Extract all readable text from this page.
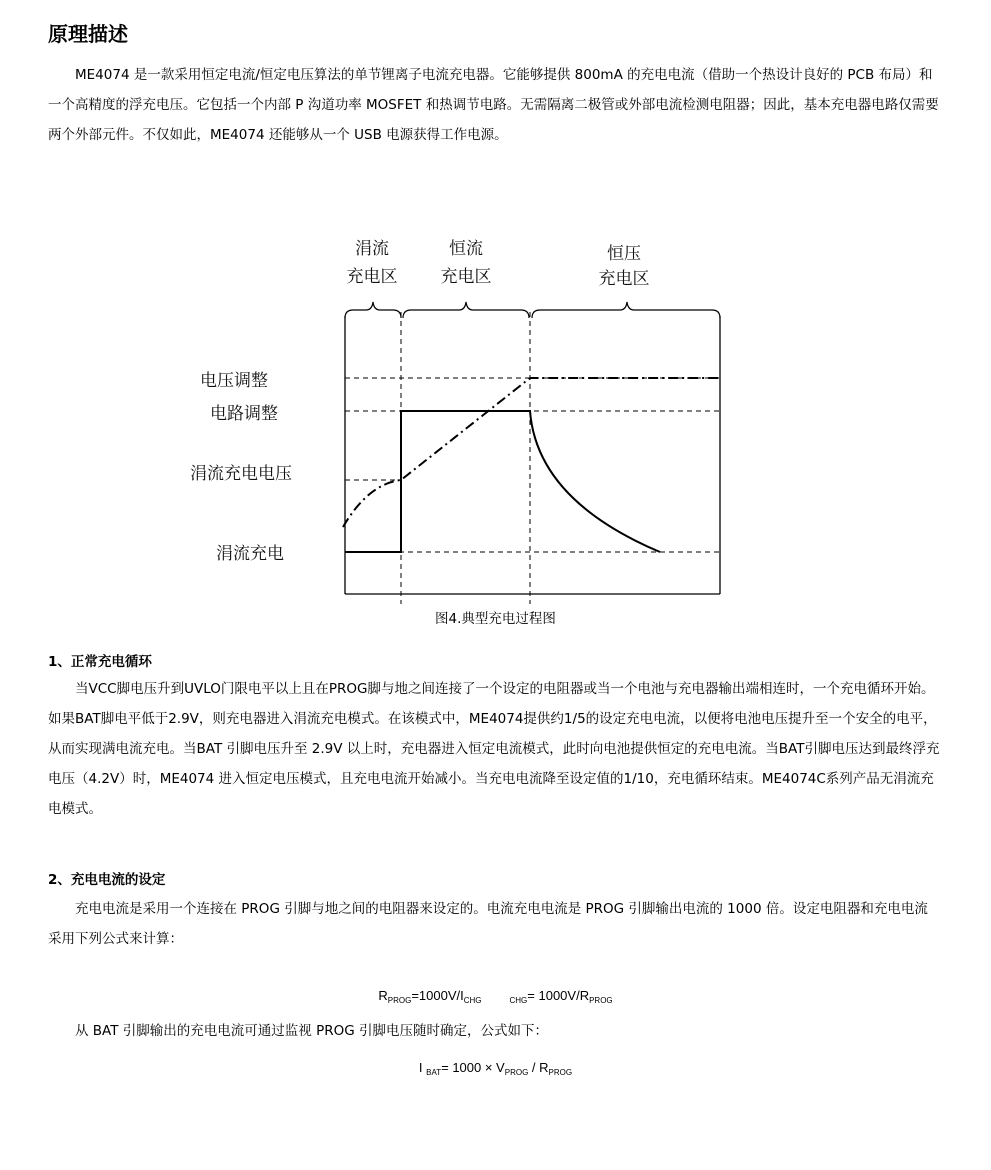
原理描述

ME4074 是一款采用恒定电流/恒定电压算法的单节锂离子电流充电器。它能够提供 800mA 的充电电流（借助一个热设计良好的 PCB 布局）和一个高精度的浮充电压。它包括一个内部 P 沟道功率 MOSFET 和热调节电路。无需隔离二极管或外部电流检测电阻器；因此，基本充电器电路仅需要两个外部元件。不仅如此，ME4074 还能够从一个 USB 电源获得工作电源。

涓流
充电区
恒流
充电区
恒压
充电区
电压调整
电路调整
涓流充电电压
涓流充电
图4.典型充电过程图
1、正常充电循环

当VCC脚电压升到UVLO门限电平以上且在PROG脚与地之间连接了一个设定的电阻器或当一个电池与充电器输出端相连时，一个充电循环开始。如果BAT脚电平低于2.9V，则充电器进入涓流充电模式。在该模式中，ME4074提供约1/5的设定充电电流，以便将电池电压提升至一个安全的电平，从而实现满电流充电。当BAT 引脚电压升至 2.9V 以上时，充电器进入恒定电流模式，此时向电池提供恒定的充电电流。当BAT引脚电压达到最终浮充电压（4.2V）时，ME4074 进入恒定电压模式，且充电电流开始减小。当充电电流降至设定值的1/10，充电循环结束。ME4074C系列产品无涓流充电模式。

2、充电电流的设定

充电电流是采用一个连接在 PROG 引脚与地之间的电阻器来设定的。电流充电电流是 PROG 引脚输出电流的 1000 倍。设定电阻器和充电电流采用下列公式来计算：

$R_{PROG}=1000V/I_{CHG}$	$_{CHG}= 1000V/R_{PROG}$

从 BAT 引脚输出的充电电流可通过监视 PROG 引脚电压随时确定，公式如下：

I $_{BAT}= 1000 \times V_{PROG} / R_{PROG}$
